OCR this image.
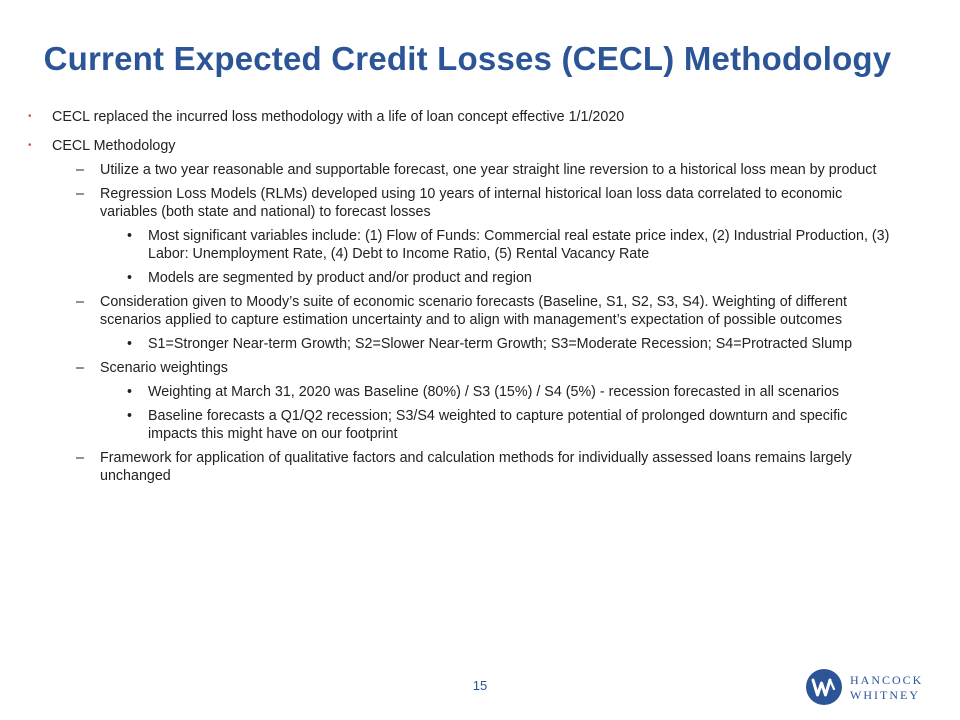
Current Expected Credit Losses (CECL) Methodology
• CECL replaced the incurred loss methodology with a life of loan concept effective 1/1/2020
• CECL Methodology
– Utilize a two year reasonable and supportable forecast, one year straight line reversion to a historical loss mean by product
– Regression Loss Models (RLMs) developed using 10 years of internal historical loan loss data correlated to economic variables (both state and national) to forecast losses
• Most significant variables include: (1) Flow of Funds: Commercial real estate price index, (2) Industrial Production, (3) Labor: Unemployment Rate, (4) Debt to Income Ratio, (5) Rental Vacancy Rate
• Models are segmented by product and/or product and region
– Consideration given to Moody’s suite of economic scenario forecasts (Baseline, S1, S2, S3, S4). Weighting of different scenarios applied to capture estimation uncertainty and to align with management’s expectation of possible outcomes
• S1=Stronger Near-term Growth; S2=Slower Near-term Growth; S3=Moderate Recession; S4=Protracted Slump
– Scenario weightings
• Weighting at March 31, 2020 was Baseline (80%) / S3 (15%) / S4 (5%) - recession forecasted in all scenarios
• Baseline forecasts a Q1/Q2 recession; S3/S4 weighted to capture potential of prolonged downturn and specific impacts this might have on our footprint
– Framework for application of qualitative factors and calculation methods for individually assessed loans remains largely unchanged
15	HANCOCK
WHITNEY
